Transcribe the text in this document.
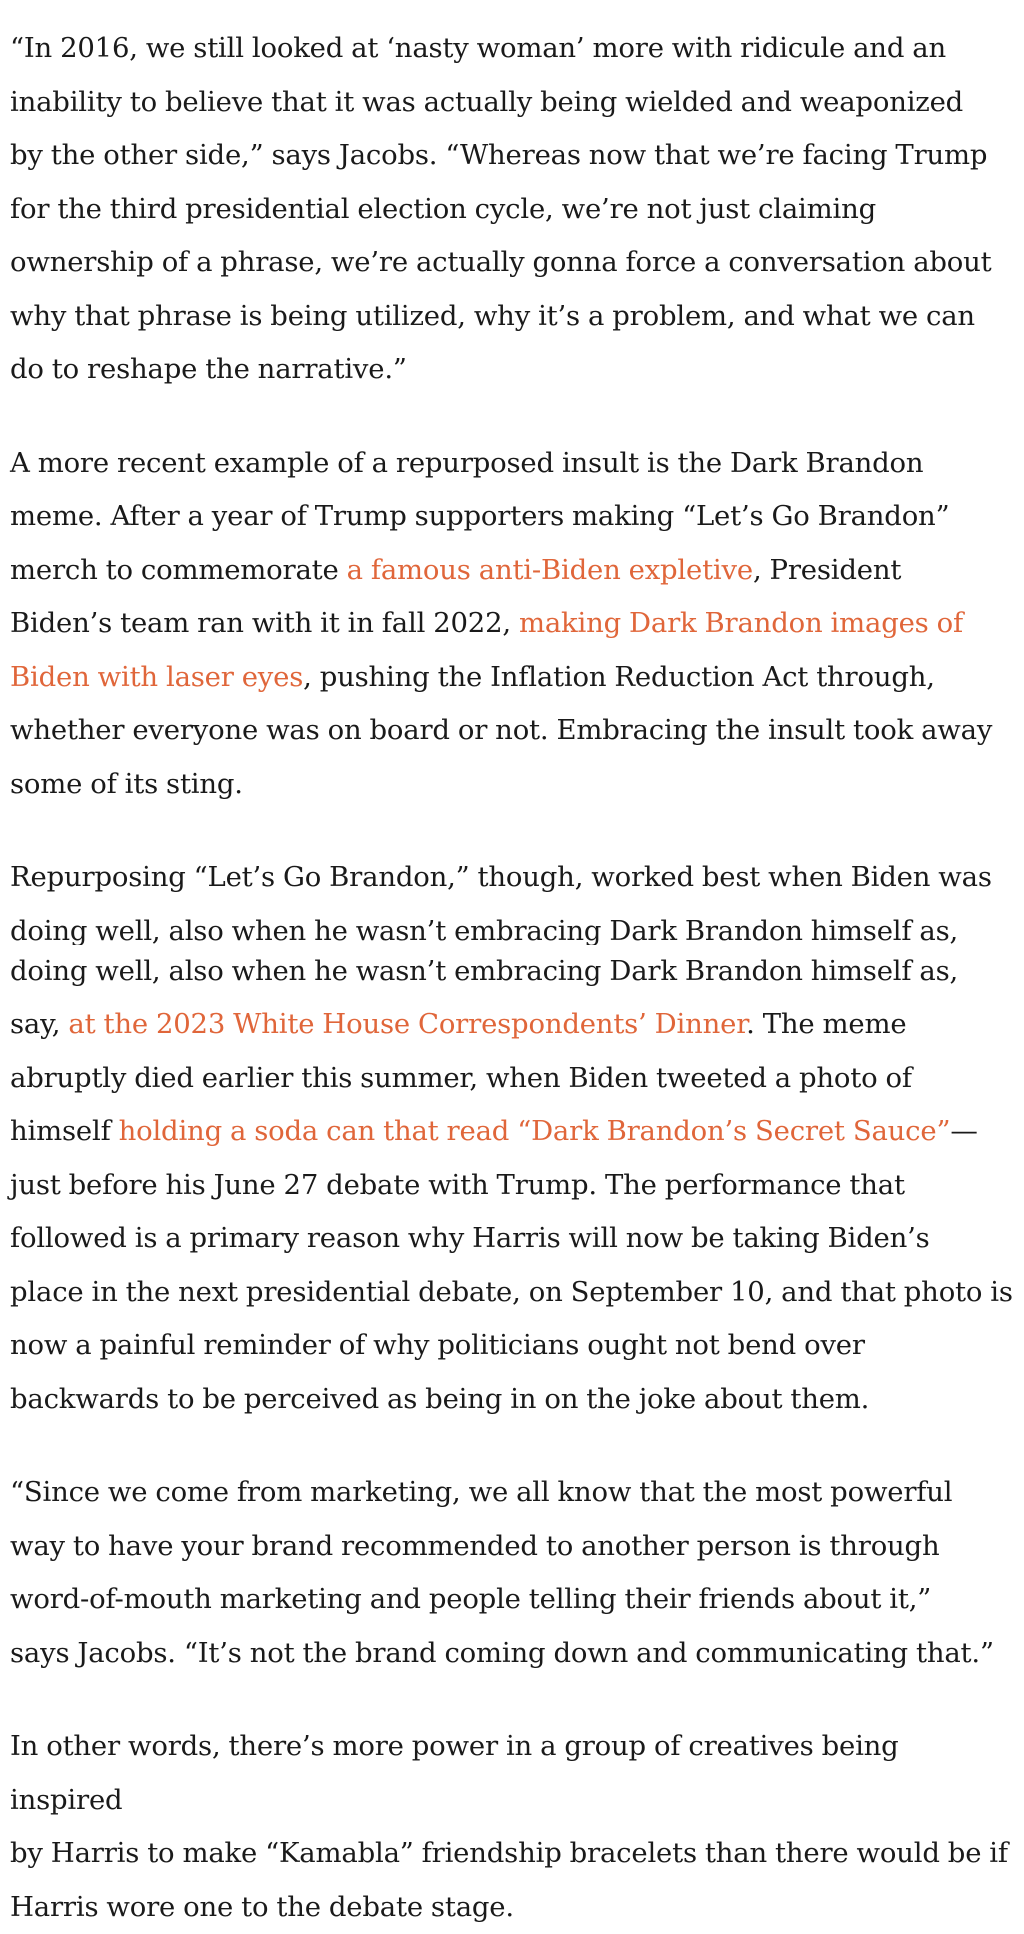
“In 2016, we still looked at ‘nasty woman’ more with ridicule and an
inability to believe that it was actually being wielded and weaponized
by the other side,” says Jacobs. “Whereas now that we’re facing Trump
for the third presidential election cycle, we’re not just claiming
ownership of a phrase, we’re actually gonna force a conversation about
why that phrase is being utilized, why it’s a problem, and what we can
do to reshape the narrative.”

A more recent example of a repurposed insult is the Dark Brandon
meme. After a year of Trump supporters making “Let’s Go Brandon”
merch to commemorate a famous anti-Biden expletive, President
Biden’s team ran with it in fall 2022, making Dark Brandon images of
Biden with laser eyes, pushing the Inflation Reduction Act through,
whether everyone was on board or not. Embracing the insult took away
some of its sting.

Repurposing “Let’s Go Brandon,” though, worked best when Biden was

doing well, also when he wasn’t embracing Dark Brandon himself as,

doing well, also when he wasn’t embracing Dark Brandon himself as,
say, at the 2023 White House Correspondents’ Dinner. The meme
abruptly died earlier this summer, when Biden tweeted a photo of
himself holding a soda can that read “Dark Brandon’s Secret Sauce”—
just before his June 27 debate with Trump. The performance that
followed is a primary reason why Harris will now be taking Biden’s
place in the next presidential debate, on September 10, and that photo is
now a painful reminder of why politicians ought not bend over
backwards to be perceived as being in on the joke about them.

“Since we come from marketing, we all know that the most powerful
way to have your brand recommended to another person is through
word-of-mouth marketing and people telling their friends about it,”
says Jacobs. “It’s not the brand coming down and communicating that.”

In other words, there’s more power in a group of creatives being inspired
by Harris to make “Kamabla” friendship bracelets than there would be if
Harris wore one to the debate stage.
